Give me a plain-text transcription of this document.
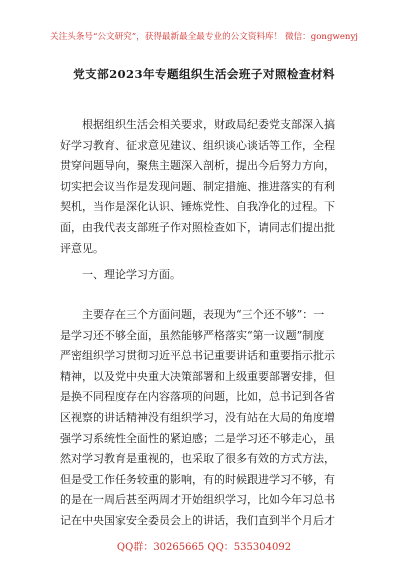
关注头条号“公文研究”，获得最新最全最专业的公文资料库！ 微信：gongwenyj
党支部2023年专题组织生活会班子对照检查材料
根据组织生活会相关要求，财政局纪委党支部深入搞
好学习教育、征求意见建议、组织谈心谈话等工作，全程
贯穿问题导向，聚焦主题深入剖析，提出今后努力方向，
切实把会议当作是发现问题、制定措施、推进落实的有利
契机，当作是深化认识、锤炼党性、自我净化的过程。下
面，由我代表支部班子作对照检查如下，请同志们提出批
评意见。
一、理论学习方面。
主要存在三个方面问题，表现为“三个还不够”：一
是学习还不够全面，虽然能够严格落实“第一议题”制度
严密组织学习贯彻习近平总书记重要讲话和重要指示批示
精神，以及党中央重大决策部署和上级重要部署安排，但
是换不同程度存在内容落项的问题，比如，总书记到各省
区视察的讲话精神没有组织学习，没有站在大局的角度增
强学习系统性全面性的紧迫感；二是学习还不够走心，虽
然对学习教育是重视的，也采取了很多有效的方式方法，
但是受工作任务较重的影响，有的时候跟进学习不够，有
的是在一周后甚至两周才开始组织学习，比如今年习总书
记在中央国家安全委员会上的讲话，我们直到半个月后才
QQ群：30265665 QQ：535304092
